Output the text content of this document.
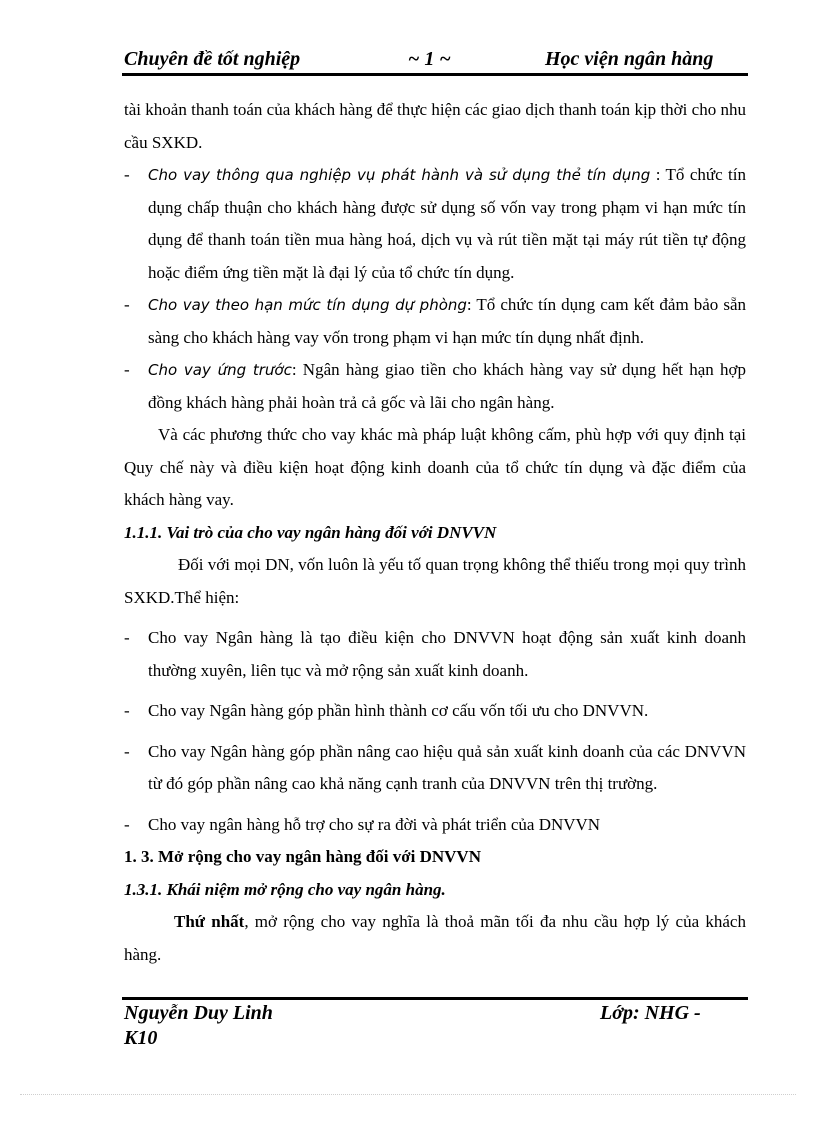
Chuyên đề tốt nghiệp	~ 1 ~	Học viện ngân hàng

tài khoản thanh toán của khách hàng để thực hiện các giao dịch thanh toán kịp thời cho nhu cầu SXKD.

-	Cho vay thông qua nghiệp vụ phát hành và sử dụng thẻ tín dụng : Tổ chức tín dụng chấp thuận cho khách hàng được sử dụng số vốn vay trong phạm vi hạn mức tín dụng để thanh toán tiền mua hàng hoá, dịch vụ và rút tiền mặt tại máy rút tiền tự động hoặc điểm ứng tiền mặt là đại lý của tổ chức tín dụng.
-	Cho vay theo hạn mức tín dụng dự phòng: Tổ chức tín dụng cam kết đảm bảo sẵn sàng cho khách hàng vay vốn trong phạm vi hạn mức tín dụng nhất định.
-	Cho vay ứng trước: Ngân hàng giao tiền cho khách hàng vay sử dụng hết hạn hợp đồng khách hàng phải hoàn trả cả gốc và lãi cho ngân hàng.

Và các phương thức cho vay khác mà pháp luật không cấm, phù hợp với quy định tại Quy chế này và điều kiện hoạt động kinh doanh của tổ chức tín dụng và đặc điểm của khách hàng vay.

1.1.1. Vai trò của cho vay ngân hàng đối với DNVVN

Đối với mọi DN, vốn luôn là yếu tố quan trọng không thể thiếu trong mọi quy trình SXKD.Thể hiện:

-	Cho vay Ngân hàng là tạo điều kiện cho DNVVN hoạt động sản xuất kinh doanh thường xuyên, liên tục và mở rộng sản xuất kinh doanh.
-	Cho vay Ngân hàng góp phần hình thành cơ cấu vốn tối ưu cho DNVVN.
-	Cho vay Ngân hàng góp phần nâng cao hiệu quả sản xuất kinh doanh của các DNVVN từ đó góp phần nâng cao khả năng cạnh tranh của DNVVN trên thị trường.
-	Cho vay ngân hàng hỗ trợ cho sự ra đời và phát triển của DNVVN

1. 3. Mở rộng cho vay ngân hàng đối với DNVVN

1.3.1. Khái niệm mở rộng cho vay ngân hàng.

Thứ nhất, mở rộng cho vay nghĩa là thoả mãn tối đa nhu cầu hợp lý của khách hàng.

Nguyễn Duy Linh
K10
Lớp: NHG -
